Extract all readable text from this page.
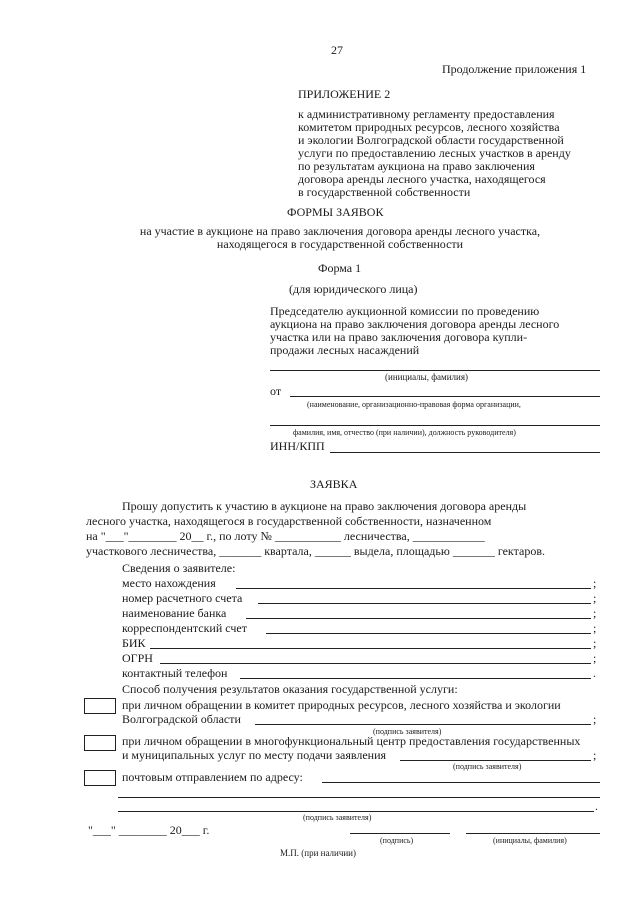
27
Продолжение приложения 1
ПРИЛОЖЕНИЕ 2
к административному регламенту предоставления
комитетом природных ресурсов, лесного хозяйства
и экологии Волгоградской области государственной
услуги по предоставлению лесных участков в аренду
по результатам аукциона на право заключения
договора аренды лесного участка, находящегося
в государственной собственности
ФОРМЫ ЗАЯВОК
на участие в аукционе на право заключения договора аренды лесного участка,
находящегося в государственной собственности
Форма 1
(для юридического лица)
Председателю аукционной комиссии по проведению
аукциона на право заключения договора аренды лесного
участка или на право заключения договора купли-
продажи лесных насаждений
(инициалы, фамилия)
от
(наименование, организационно-правовая форма организации,
фамилия, имя, отчество (при наличии), должность руководителя)
ИНН/КПП
ЗАЯВКА
Прошу допустить к участию в аукционе на право заключения договора аренды
лесного участка, находящегося в государственной собственности, назначенном
на "___"________ 20__ г., по лоту № ___________ лесничества, ____________
участкового лесничества, _______ квартала, ______ выдела, площадью _______ гектаров.
Сведения о заявителе:
место нахождения	;
номер расчетного счета	;
наименование банка	;
корреспондентский счет	;
БИК	;
ОГРН	;
контактный телефон	.
Способ получения результатов оказания государственной услуги:
при личном обращении в комитет природных ресурсов, лесного хозяйства и экологии
Волгоградской области	;
(подпись заявителя)
при личном обращении в многофункциональный центр предоставления государственных
и муниципальных услуг по месту подачи заявления	;
(подпись заявителя)
почтовым отправлением по адресу:
.
(подпись заявителя)
"___" ________ 20___ г.
(подпись)	(инициалы, фамилия)
М.П. (при наличии)
